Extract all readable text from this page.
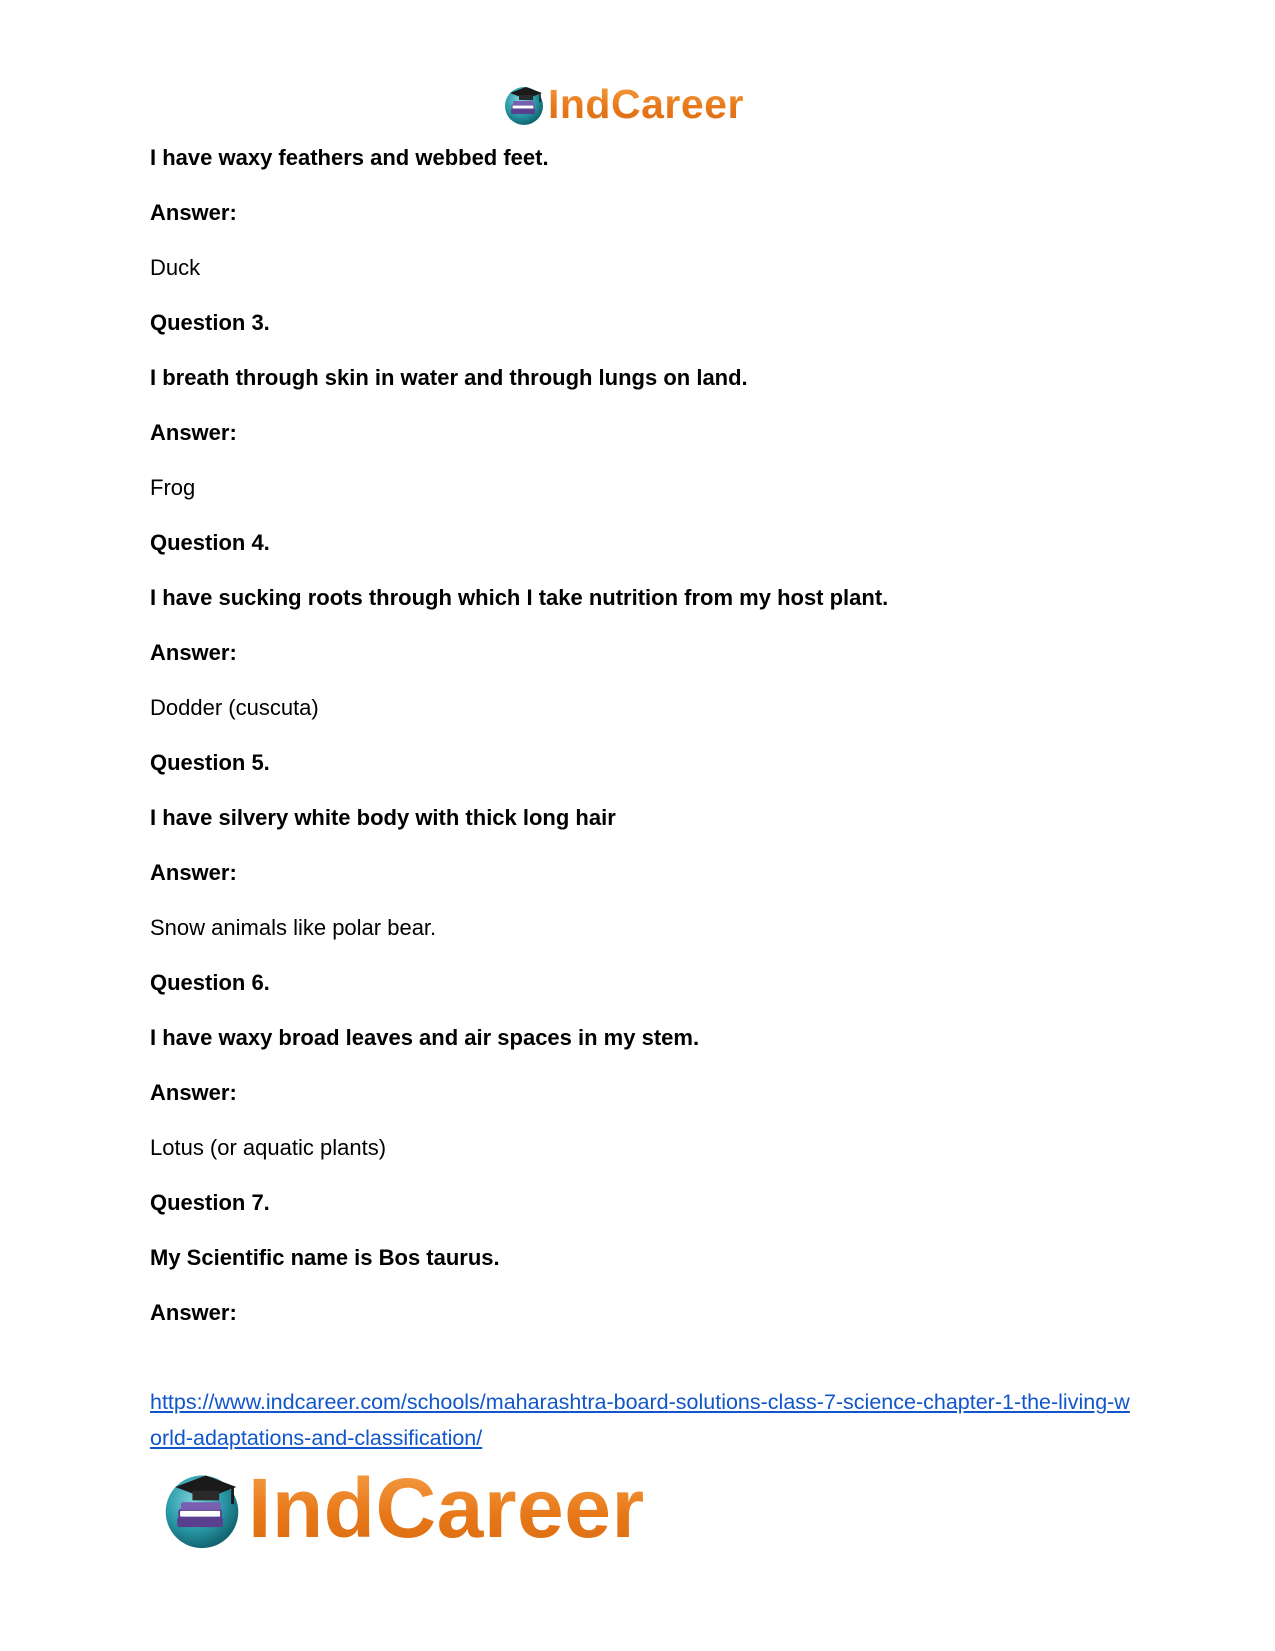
IndCareer
I have waxy feathers and webbed feet.
Answer:
Duck
Question 3.
I breath through skin in water and through lungs on land.
Answer:
Frog
Question 4.
I have sucking roots through which I take nutrition from my host plant.
Answer:
Dodder (cuscuta)
Question 5.
I have silvery white body with thick long hair
Answer:
Snow animals like polar bear.
Question 6.
I have waxy broad leaves and air spaces in my stem.
Answer:
Lotus (or aquatic plants)
Question 7.
My Scientific name is Bos taurus.
Answer:
https://www.indcareer.com/schools/maharashtra-board-solutions-class-7-science-chapter-1-the-living-world-adaptations-and-classification/
IndCareer
